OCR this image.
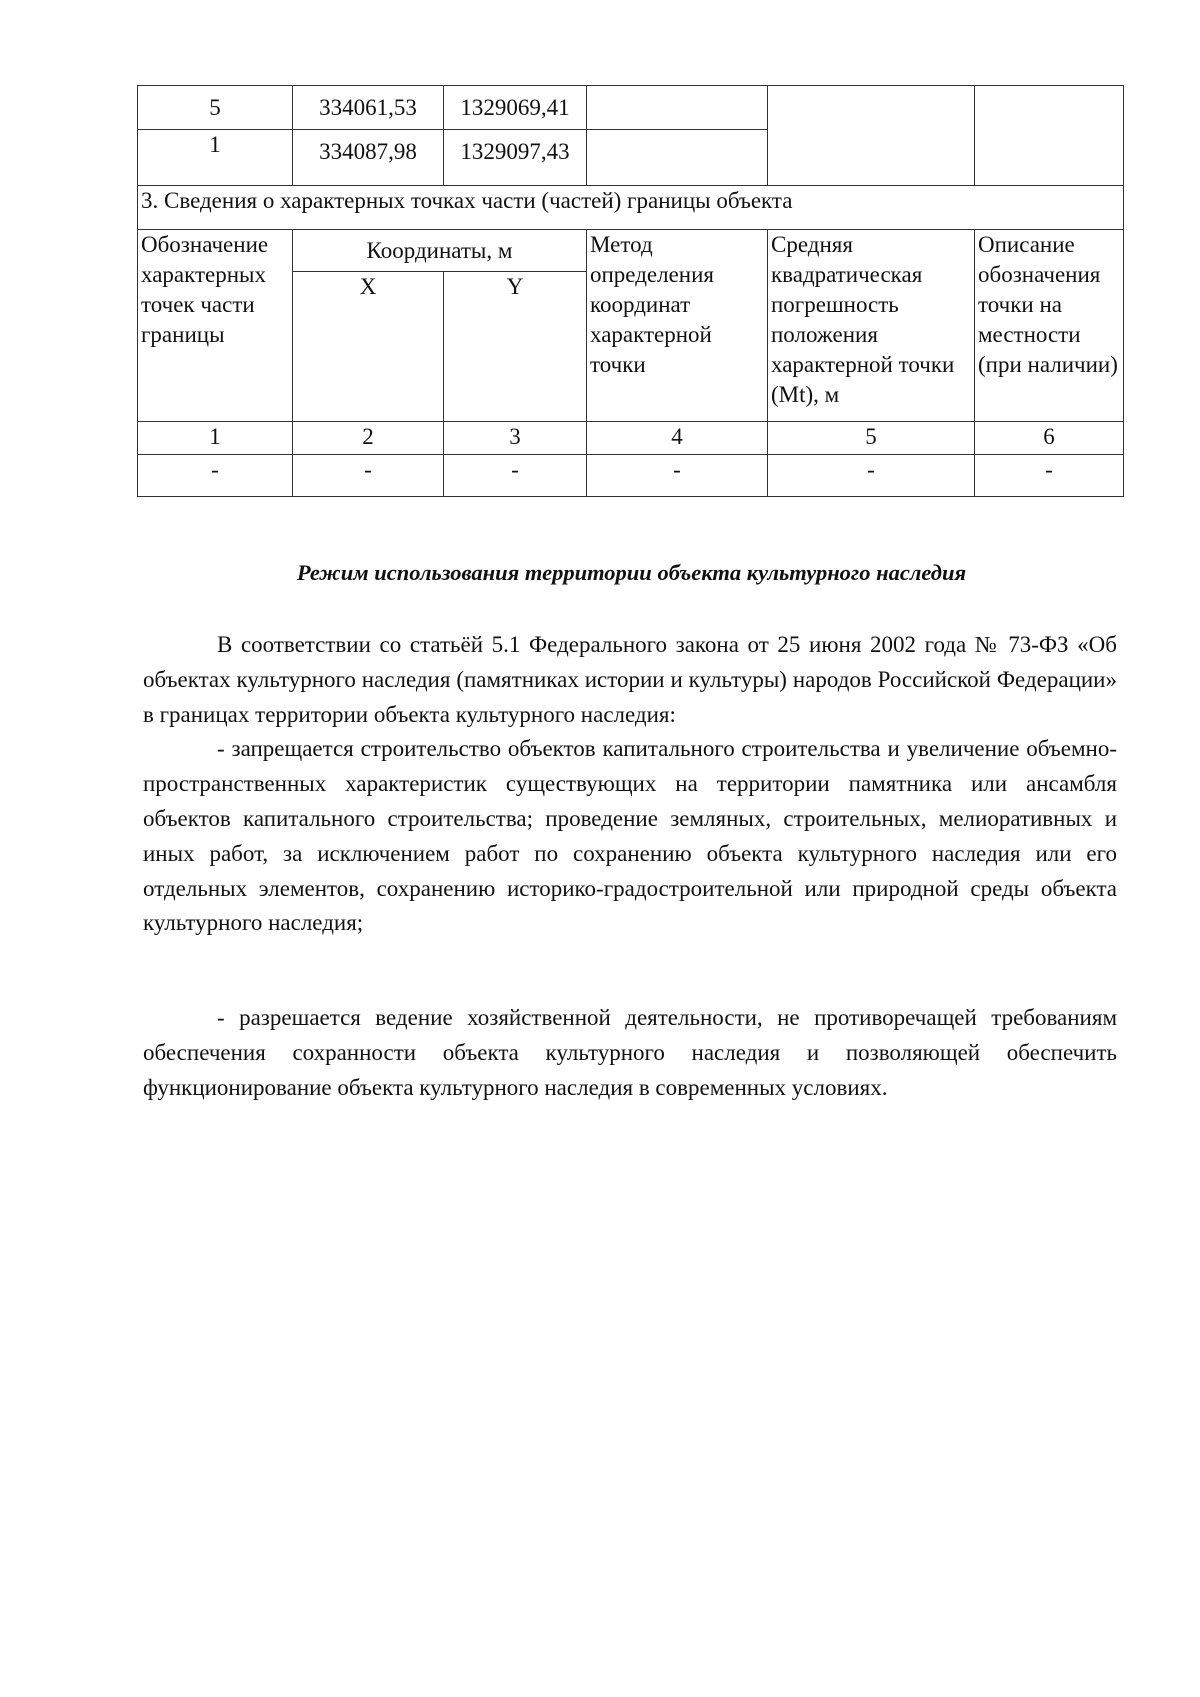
5	334061,53	1329069,41			
1	334087,98	1329097,43			
3. Сведения о характерных точках части (частей) границы объекта					
Обозначение характерных точек части границы	Координаты, м		Метод определения координат характерной точки	Средняя квадратическая погрешность положения характерной точки (Mt), м	Описание обозначения точки на местности (при наличии)
	X	Y			
1	2	3	4	5	6
-	-	-	-	-	-
Режим использования территории объекта культурного наследия

В соответствии со статьёй 5.1 Федерального закона от 25 июня 2002 года № 73-ФЗ «Об объектах культурного наследия (памятниках истории и культуры) народов Российской Федерации» в границах территории объекта культурного наследия:

- запрещается строительство объектов капитального строительства и увеличение объемно-пространственных характеристик существующих на территории памятника или ансамбля объектов капитального строительства; проведение земляных, строительных, мелиоративных и иных работ, за исключением работ по сохранению объекта культурного наследия или его отдельных элементов, сохранению историко-градостроительной или природной среды объекта культурного наследия;

- разрешается ведение хозяйственной деятельности, не противоречащей требованиям обеспечения сохранности объекта культурного наследия и позволяющей обеспечить функционирование объекта культурного наследия в современных условиях.
